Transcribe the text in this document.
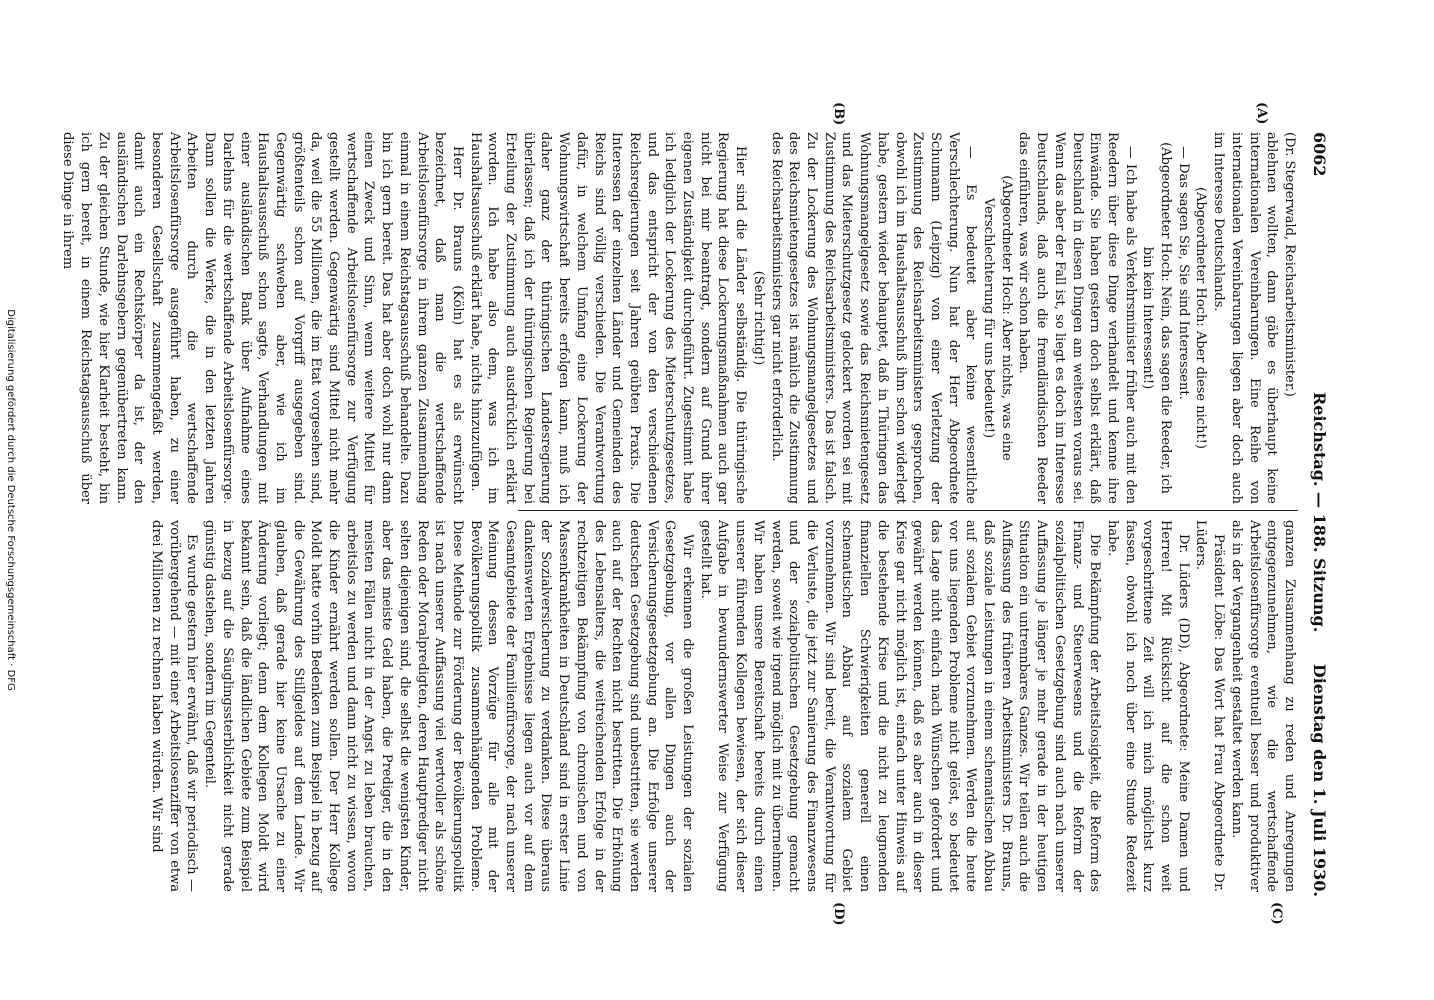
6062
Reichstag. — 188. Sitzung.
Dienstag den 1. Juli 1930.
(A)
(B)
(C)
(D)

(Dr. Stegerwald, Reichsarbeitsminister.)

ablehnen wollten, dann gäbe es überhaupt keine internationalen Vereinbarungen. Eine Reihe von internationalen Vereinbarungen liegen aber doch auch im Interesse Deutschlands.

(Abgeordneter Hoch: Aber diese nicht!)

— Das sagen Sie, Sie sind Interessent.

(Abgeordneter Hoch: Nein, das sagen die Reeder, ich bin kein Interessent!)

— Ich habe als Verkehrsminister früher auch mit den Reedern über diese Dinge verhandelt und kenne ihre Einwände. Sie haben gestern doch selbst erklärt, daß Deutschland in diesen Dingen am weitesten voraus sei. Wenn das aber der Fall ist, so liegt es doch im Interesse Deutschlands, daß auch die fremdländischen Reeder das einführen, was wir schon haben.

(Abgeordneter Hoch: Aber nichts, was eine Verschlechterung für uns bedeutet!)

— Es bedeutet aber keine wesentliche Verschlechterung. Nun hat der Herr Abgeordnete Schumann (Leipzig) von einer Verletzung der Zustimmung des Reichsarbeitsministers gesprochen, obwohl ich im Haushaltsausschuß ihm schon widerlegt habe, gestern wieder behauptet, daß in Thüringen das Wohnungsmangelgesetz sowie das Reichsmietengesetz und das Mieterschutzgesetz gelockert worden sei mit Zustimmung des Reichsarbeitsministers. Das ist falsch. Zu der Lockerung des Wohnungsmangelgesetzes und des Reichsmietengesetzes ist nämlich die Zustimmung des Reichsarbeitsministers gar nicht erforderlich.

(Sehr richtig!)

Hier sind die Länder selbständig. Die thüringische Regierung hat diese Lockerungsmaßnahmen auch gar nicht bei mir beantragt, sondern auf Grund ihrer eigenen Zuständigkeit durchgeführt. Zugestimmt habe ich lediglich der Lockerung des Mieterschutzgesetzes, und das entspricht der von den verschiedenen Reichsregierungen seit Jahren geübten Praxis. Die Interessen der einzelnen Länder und Gemeinden des Reichs sind völlig verschieden. Die Verantwortung dafür, in welchem Umfang eine Lockerung der Wohnungswirtschaft bereits erfolgen kann, muß ich daher ganz der thüringischen Landesregierung überlassen; daß ich der thüringischen Regierung bei Erteilung der Zustimmung auch ausdrücklich erklärt worden. Ich habe also dem, was ich im Haushaltsausschuß erklärt habe, nichts hinzuzufügen.

Herr Dr. Brauns (Köln) hat es als erwünscht bezeichnet, daß man die wertschaffende Arbeitslosenfürsorge in ihrem ganzen Zusammenhang einmal in einem Reichstagsausschuß behandelte. Dazu bin ich gern bereit. Das hat aber doch wohl nur dann einen Zweck und Sinn, wenn weitere Mittel für wertschaffende Arbeitslosenfürsorge zur Verfügung gestellt werden. Gegenwärtig sind Mittel nicht mehr da, weil die 55 Millionen, die im Etat vorgesehen sind, größtenteils schon auf Vorgriff ausgegeben sind. Gegenwärtig schweben aber, wie ich im Haushaltsausschuß schon sagte, Verhandlungen mit einer ausländischen Bank über Aufnahme eines Darlehns für die wertschaffende Arbeitslosenfürsorge. Dann sollen die Werke, die in den letzten Jahren Arbeiten durch die wertschaffende Arbeitslosenfürsorge ausgeführt haben, zu einer besonderen Gesellschaft zusammengefaßt werden, damit auch ein Rechtskörper da ist, der den ausländischen Darlehnsgebern gegenübertreten kann. Zu der gleichen Stunde, wie hier Klarheit besteht, bin ich gern bereit, in einem Reichstagsausschuß über diese Dinge in ihrem

ganzen Zusammenhang zu reden und Anregungen entgegenzunehmen, wie die wertschaffende Arbeitslosenfürsorge eventuell besser und produktiver als in der Vergangenheit gestaltet werden kann.

Präsident Löbe: Das Wort hat Frau Abgeordnete Dr. Lüders.

Dr. Lüders (DD), Abgeordnete: Meine Damen und Herren! Mit Rücksicht auf die schon weit vorgeschrittene Zeit will ich mich möglichst kurz fassen, obwohl ich noch über eine Stunde Redezeit habe.

Die Bekämpfung der Arbeitslosigkeit, die Reform des Finanz- und Steuerwesens und die Reform der sozialpolitischen Gesetzgebung sind auch nach unserer Auffassung je länger je mehr gerade in der heutigen Situation ein untrennbares Ganzes. Wir teilen auch die Auffassung des früheren Arbeitsministers Dr. Brauns, daß soziale Leistungen in einem schematischen Abbau auf sozialem Gebiet vorzunehmen. Werden die heute vor uns liegenden Probleme nicht gelöst, so bedeutet das Lage nicht einfach nach Wünschen gefordert und gewährt werden können, daß es aber auch in dieser Krise gar nicht möglich ist, einfach unter Hinweis auf die bestehende Krise und die nicht zu leugnenden finanziellen Schwierigkeiten generell einen schematischen Abbau auf sozialem Gebiet vorzunehmen. Wir sind bereit, die Verantwortung für die Verluste, die jetzt zur Sanierung des Finanzwesens und der sozialpolitischen Gesetzgebung gemacht werden, soweit wie irgend möglich mit zu übernehmen. Wir haben unsere Bereitschaft bereits durch einen unserer führenden Kollegen bewiesen, der sich dieser Aufgabe in bewundernswerter Weise zur Verfügung gestellt hat.

Wir erkennen die großen Leistungen der sozialen Gesetzgebung, vor allen Dingen auch der Versicherungsgesetzgebung an. Die Erfolge unserer deutschen Gesetzgebung sind unbestritten, sie werden auch auf der Rechten nicht bestritten. Die Erhöhung des Lebensalters, die weitreichenden Erfolge in der rechtzeitigen Bekämpfung von chronischen und von Massenkrankheiten in Deutschland sind in erster Linie der Sozialversicherung zu verdanken. Diese überaus dankenswerten Ergebnisse liegen auch vor auf dem Gesamtgebiete der Familienfürsorge, der nach unserer Meinung dessen Vorzüge für alle mit der Bevölkerungspolitik zusammenhängenden Probleme. Diese Methode zur Förderung der Bevölkerungspolitik ist nach unserer Auffassung viel wertvoller als schöne Reden oder Moralpredigten, deren Hauptprediger nicht selten diejenigen sind, die selbst die wenigsten Kinder, aber das meiste Geld haben, die Prediger, die in den meisten Fällen nicht in der Angst zu leben brauchen, arbeitslos zu werden und dann nicht zu wissen, wovon die Kinder ernährt werden sollen. Der Herr Kollege Moldt hatte vorhin Bedenken zum Beispiel in bezug auf die Gewährung des Stillgeldes auf dem Lande. Wir glauben, daß gerade hier keine Ursache zu einer Änderung vorliegt; denn dem Kollegen Moldt wird bekannt sein, daß die ländlichen Gebiete zum Beispiel in bezug auf die Säuglingssterblichkeit nicht gerade günstig dastehen, sondern im Gegenteil.

Es wurde gestern hier erwähnt, daß wir periodisch — vorübergehend — mit einer Arbeitslosenziffer von etwa drei Millionen zu rechnen haben würden. Wir sind

Digitalisierung gefördert durch die Deutsche Forschungsgemeinschaft · DFG
